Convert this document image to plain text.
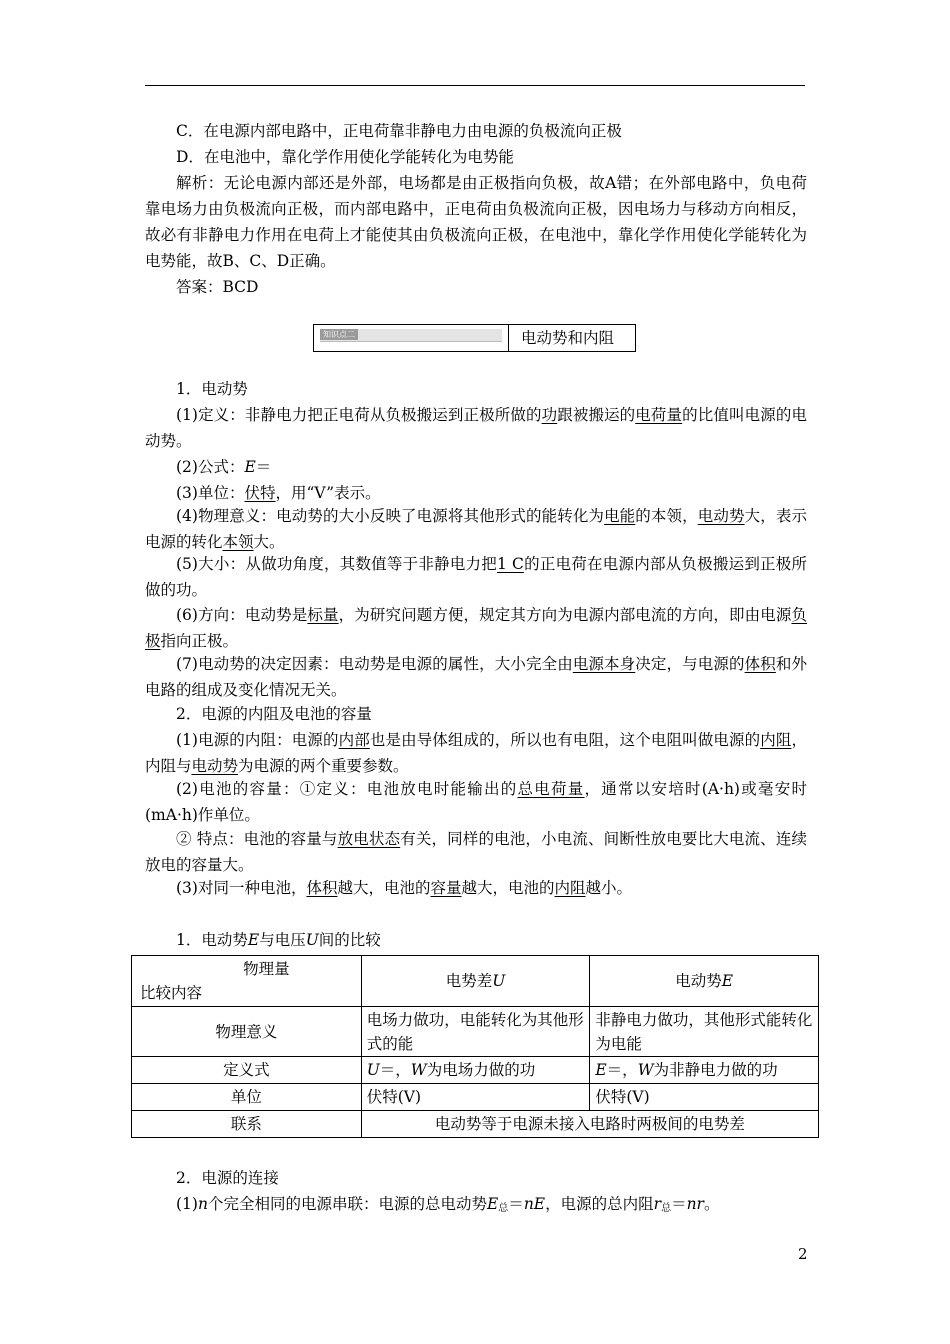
C．在电源内部电路中，正电荷靠非静电力由电源的负极流向正极
D．在电池中，靠化学作用使化学能转化为电势能
解析：无论电源内部还是外部，电场都是由正极指向负极，故A错；在外部电路中，负电荷靠电场力由负极流向正极，而内部电路中，正电荷由负极流向正极，因电场力与移动方向相反，故必有非静电力作用在电荷上才能使其由负极流向正极，在电池中，靠化学作用使化学能转化为电势能，故B、C、D正确。
答案：BCD
知识点二	电动势和内阻
1．电动势
(1)定义：非静电力把正电荷从负极搬运到正极所做的功跟被搬运的电荷量的比值叫电源的电动势。
(2)公式：E＝
(3)单位：伏特，用“V”表示。
(4)物理意义：电动势的大小反映了电源将其他形式的能转化为电能的本领，电动势大，表示电源的转化本领大。
(5)大小：从做功角度，其数值等于非静电力把1 C的正电荷在电源内部从负极搬运到正极所做的功。
(6)方向：电动势是标量，为研究问题方便，规定其方向为电源内部电流的方向，即由电源负极指向正极。
(7)电动势的决定因素：电动势是电源的属性，大小完全由电源本身决定，与电源的体积和外电路的组成及变化情况无关。
2．电源的内阻及电池的容量
(1)电源的内阻：电源的内部也是由导体组成的，所以也有电阻，这个电阻叫做电源的内阻，内阻与电动势为电源的两个重要参数。
(2)电池的容量：①定义：电池放电时能输出的总电荷量，通常以安培时(A·h)或毫安时(mA·h)作单位。
② 特点：电池的容量与放电状态有关，同样的电池，小电流、间断性放电要比大电流、连续放电的容量大。
(3)对同一种电池，体积越大，电池的容量越大，电池的内阻越小。
1．电动势E与电压U间的比较
物理量
比较内容	电势差U	电动势E
物理意义	电场力做功，电能转化为其他形式的能	非静电力做功，其他形式能转化为电能
定义式	U＝，W为电场力做的功	E＝，W为非静电力做的功
单位	伏特(V)	伏特(V)
联系	电动势等于电源未接入电路时两极间的电势差	
2．电源的连接
(1)n个完全相同的电源串联：电源的总电动势$E_总=nE$，电源的总内阻$r_总=nr$。
2
